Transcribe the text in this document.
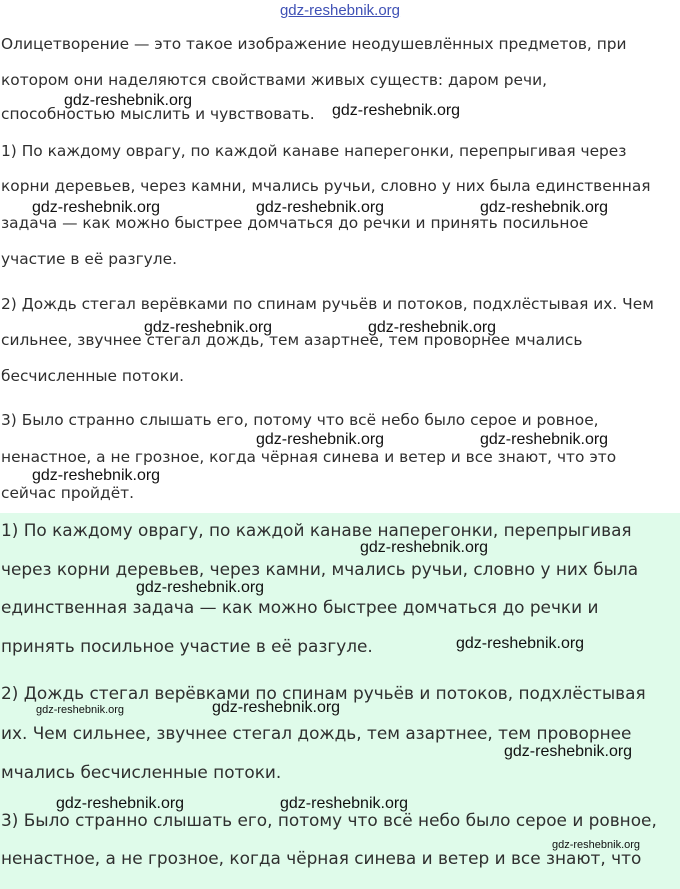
gdz-reshebnik.org
Олицетворение — это такое изображение неодушевлённых предметов, при
котором они наделяются свойствами живых существ: даром речи,
способностью мыслить и чувствовать.
1) По каждому оврагу, по каждой канаве наперегонки, перепрыгивая через
корни деревьев, через камни, мчались ручьи, словно у них была единственная
задача — как можно быстрее домчаться до речки и принять посильное
участие в её разгуле.
2) Дождь стегал верёвками по спинам ручьёв и потоков, подхлёстывая их. Чем
сильнее, звучнее стегал дождь, тем азартнее, тем проворнее мчались
бесчисленные потоки.
3) Было странно слышать его, потому что всё небо было серое и ровное,
ненастное, а не грозное, когда чёрная синева и ветер и все знают, что это
сейчас пройдёт.
1) По каждому оврагу, по каждой канаве наперегонки, перепрыгивая
через корни деревьев, через камни, мчались ручьи, словно у них была
единственная задача — как можно быстрее домчаться до речки и
принять посильное участие в её разгуле.
2) Дождь стегал верёвками по спинам ручьёв и потоков, подхлёстывая
их. Чем сильнее, звучнее стегал дождь, тем азартнее, тем проворнее
мчались бесчисленные потоки.
3) Было странно слышать его, потому что всё небо было серое и ровное,
ненастное, а не грозное, когда чёрная синева и ветер и все знают, что
gdz-reshebnik.org
gdz-reshebnik.org
gdz-reshebnik.org	gdz-reshebnik.org	gdz-reshebnik.org
gdz-reshebnik.org	gdz-reshebnik.org
gdz-reshebnik.org	gdz-reshebnik.org
gdz-reshebnik.org
gdz-reshebnik.org
gdz-reshebnik.org
gdz-reshebnik.org
gdz-reshebnik.org	gdz-reshebnik.org
gdz-reshebnik.org
gdz-reshebnik.org	gdz-reshebnik.org
gdz-reshebnik.org
